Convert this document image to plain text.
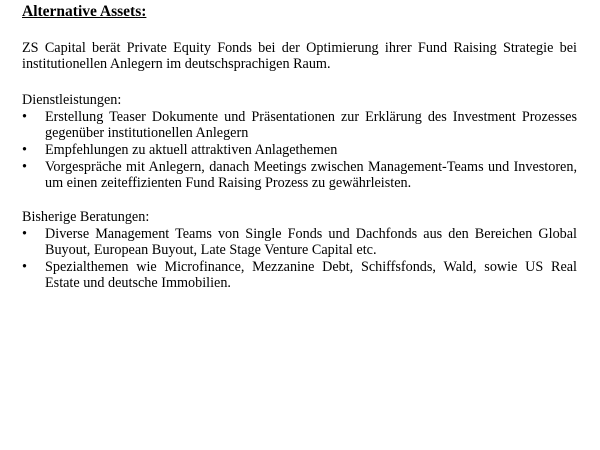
Alternative Assets:

ZS Capital berät Private Equity Fonds bei der Optimierung ihrer Fund Raising Strategie bei institutionellen Anlegern im deutschsprachigen Raum.

Dienstleistungen:

• Erstellung Teaser Dokumente und Präsentationen zur Erklärung des Investment Prozesses gegenüber institutionellen Anlegern
• Empfehlungen zu aktuell attraktiven Anlagethemen
• Vorgespräche mit Anlegern, danach Meetings zwischen Management-Teams und Investoren, um einen zeiteffizienten Fund Raising Prozess zu gewährleisten.

Bisherige Beratungen:

• Diverse Management Teams von Single Fonds und Dachfonds aus den Bereichen Global Buyout, European Buyout, Late Stage Venture Capital etc.
• Spezialthemen wie Microfinance, Mezzanine Debt, Schiffsfonds, Wald, sowie US Real Estate und deutsche Immobilien.
